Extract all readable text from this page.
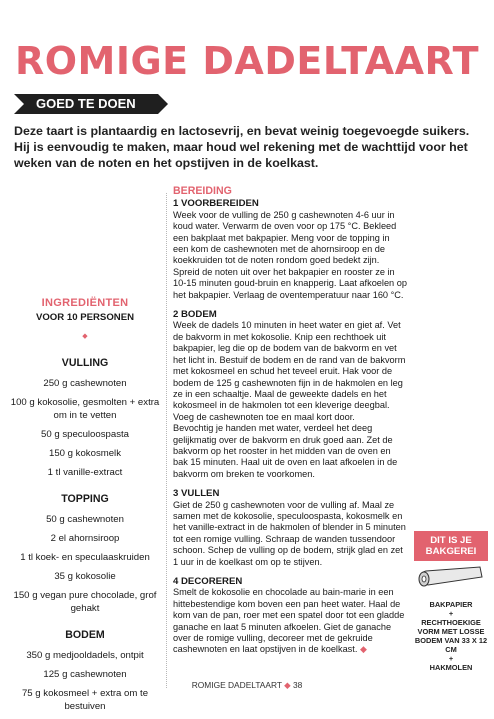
ROMIGE DADELTAART
GOED TE DOEN
Deze taart is plantaardig en lactosevrij, en bevat weinig toegevoegde suikers. Hij is eenvoudig te maken, maar houd wel rekening met de wachttijd voor het weken van de noten en het opstijven in de koelkast.
INGREDIËNTEN
VOOR 10 PERSONEN
◆
VULLING
250 g cashewnoten
100 g kokosolie, gesmolten + extra om in te vetten
50 g speculoospasta
150 g kokosmelk
1 tl vanille-extract
TOPPING
50 g cashewnoten
2 el ahornsiroop
1 tl koek- en speculaaskruiden
35 g kokosolie
150 g vegan pure chocolade, grof gehakt
BODEM
350 g medjooldadels, ontpit
125 g cashewnoten
75 g kokosmeel + extra om te bestuiven
BEREIDING
1 VOORBEREIDEN

Week voor de vulling de 250 g cashewnoten 4-6 uur in koud water. Verwarm de oven voor op 175 °C. Bekleed een bakplaat met bakpapier. Meng voor de topping in een kom de cashewnoten met de ahornsiroop en de koekkruiden tot de noten rondom goed bedekt zijn. Spreid de noten uit over het bakpapier en rooster ze in 10-15 minuten goud-bruin en knapperig. Laat afkoelen op het bakpapier. Verlaag de oventemperatuur naar 160 °C.

2 BODEM

Week de dadels 10 minuten in heet water en giet af. Vet de bakvorm in met kokosolie. Knip een rechthoek uit bakpapier, leg die op de bodem van de bakvorm en vet het licht in. Bestuif de bodem en de rand van de bakvorm met kokosmeel en schud het teveel eruit. Hak voor de bodem de 125 g cashewnoten fijn in de hakmolen en leg ze in een schaaltje. Maal de geweekte dadels en het kokosmeel in de hakmolen tot een kleverige deegbal. Voeg de cashewnoten toe en maal kort door.

Bevochtig je handen met water, verdeel het deeg gelijkmatig over de bakvorm en druk goed aan. Zet de bakvorm op het rooster in het midden van de oven en bak 15 minuten. Haal uit de oven en laat afkoelen in de bakvorm om breken te voorkomen.

3 VULLEN

Giet de 250 g cashewnoten voor de vulling af. Maal ze samen met de kokosolie, speculoospasta, kokosmelk en het vanille-extract in de hakmolen of blender in 5 minuten tot een romige vulling. Schraap de wanden tussendoor schoon. Schep de vulling op de bodem, strijk glad en zet 1 uur in de koelkast om op te stijven.

4 DECOREREN

Smelt de kokosolie en chocolade au bain-marie in een hittebestendige kom boven een pan heet water. Haal de kom van de pan, roer met een spatel door tot een gladde ganache en laat 5 minuten afkoelen. Giet de ganache over de romige vulling, decoreer met de gekruide cashewnoten en laat opstijven in de koelkast. ◆

DIT IS JE
BAKGEREI
BAKPAPIER
+
RECHTHOEKIGE VORM MET LOSSE BODEM VAN 33 X 12 CM
+
HAKMOLEN
ROMIGE DADELTAART ◆ 38
